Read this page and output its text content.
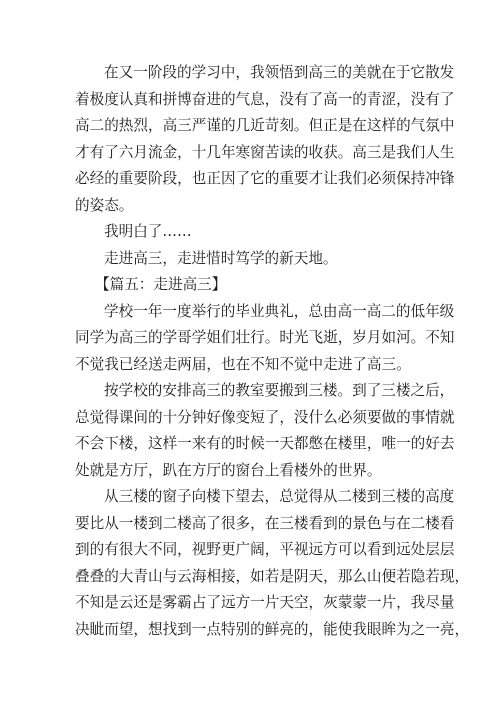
在又一阶段的学习中，我领悟到高三的美就在于它散发
着极度认真和拼博奋进的气息，没有了高一的青涩，没有了
高二的热烈，高三严谨的几近苛刻。但正是在这样的气氛中
才有了六月流金，十几年寒窗苦读的收获。高三是我们人生
必经的重要阶段，也正因了它的重要才让我们必须保持冲锋
的姿态。
我明白了……
走进高三，走进惜时笃学的新天地。
【篇五：走进高三】
学校一年一度举行的毕业典礼，总由高一高二的低年级
同学为高三的学哥学姐们壮行。时光飞逝，岁月如河。不知
不觉我已经送走两届，也在不知不觉中走进了高三。
按学校的安排高三的教室要搬到三楼。到了三楼之后，
总觉得课间的十分钟好像变短了，没什么必须要做的事情就
不会下楼，这样一来有的时候一天都憋在楼里，唯一的好去
处就是方厅，趴在方厅的窗台上看楼外的世界。
从三楼的窗子向楼下望去，总觉得从二楼到三楼的高度
要比从一楼到二楼高了很多，在三楼看到的景色与在二楼看
到的有很大不同，视野更广阔，平视远方可以看到远处层层
叠叠的大青山与云海相接，如若是阴天，那么山便若隐若现，
不知是云还是雾霸占了远方一片天空，灰蒙蒙一片，我尽量
决眦而望，想找到一点特别的鲜亮的，能使我眼眸为之一亮，
